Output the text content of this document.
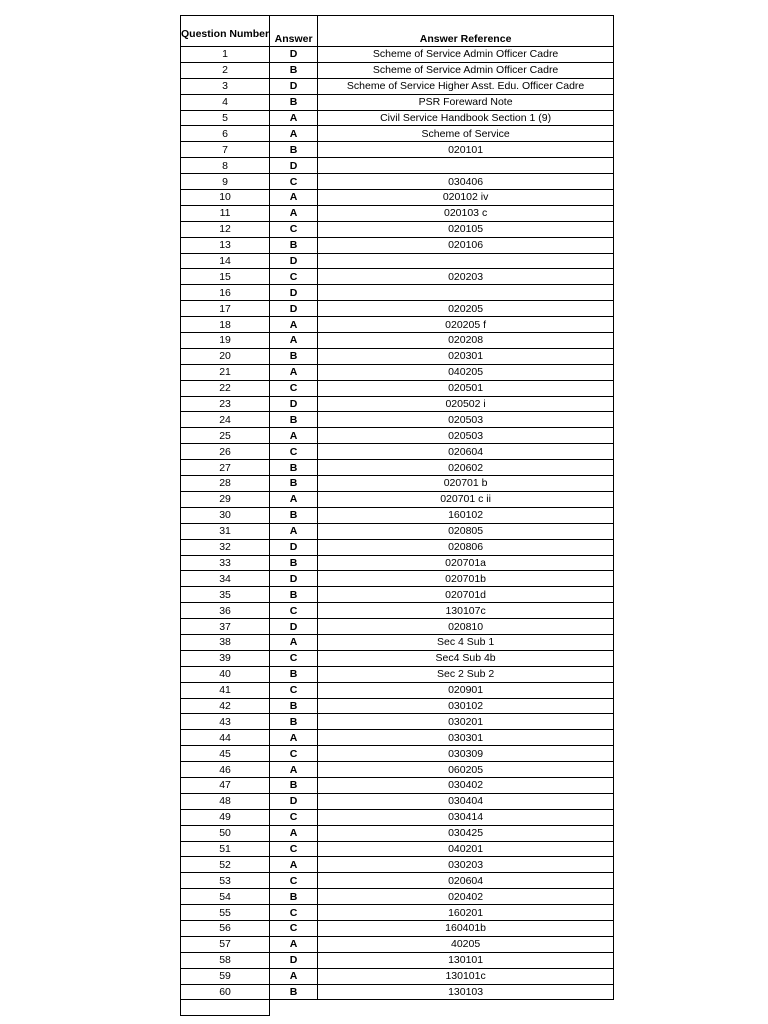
Question Number	Answer	Answer Reference
1	D	Scheme of Service Admin Officer Cadre
2	B	Scheme of Service Admin Officer Cadre
3	D	Scheme of Service Higher Asst. Edu. Officer Cadre
4	B	PSR Foreward Note
5	A	Civil Service Handbook Section 1 (9)
6	A	Scheme of Service
7	B	020101
8	D	
9	C	030406
10	A	020102 iv
11	A	020103 c
12	C	020105
13	B	020106
14	D	
15	C	020203
16	D	
17	D	020205
18	A	020205 f
19	A	020208
20	B	020301
21	A	040205
22	C	020501
23	D	020502 i
24	B	020503
25	A	020503
26	C	020604
27	B	020602
28	B	020701 b
29	A	020701 c ii
30	B	160102
31	A	020805
32	D	020806
33	B	020701a
34	D	020701b
35	B	020701d
36	C	130107c
37	D	020810
38	A	Sec 4 Sub 1
39	C	Sec4 Sub 4b
40	B	Sec 2 Sub 2
41	C	020901
42	B	030102
43	B	030201
44	A	030301
45	C	030309
46	A	060205
47	B	030402
48	D	030404
49	C	030414
50	A	030425
51	C	040201
52	A	030203
53	C	020604
54	B	020402
55	C	160201
56	C	160401b
57	A	40205
58	D	130101
59	A	130101c
60	B	130103
